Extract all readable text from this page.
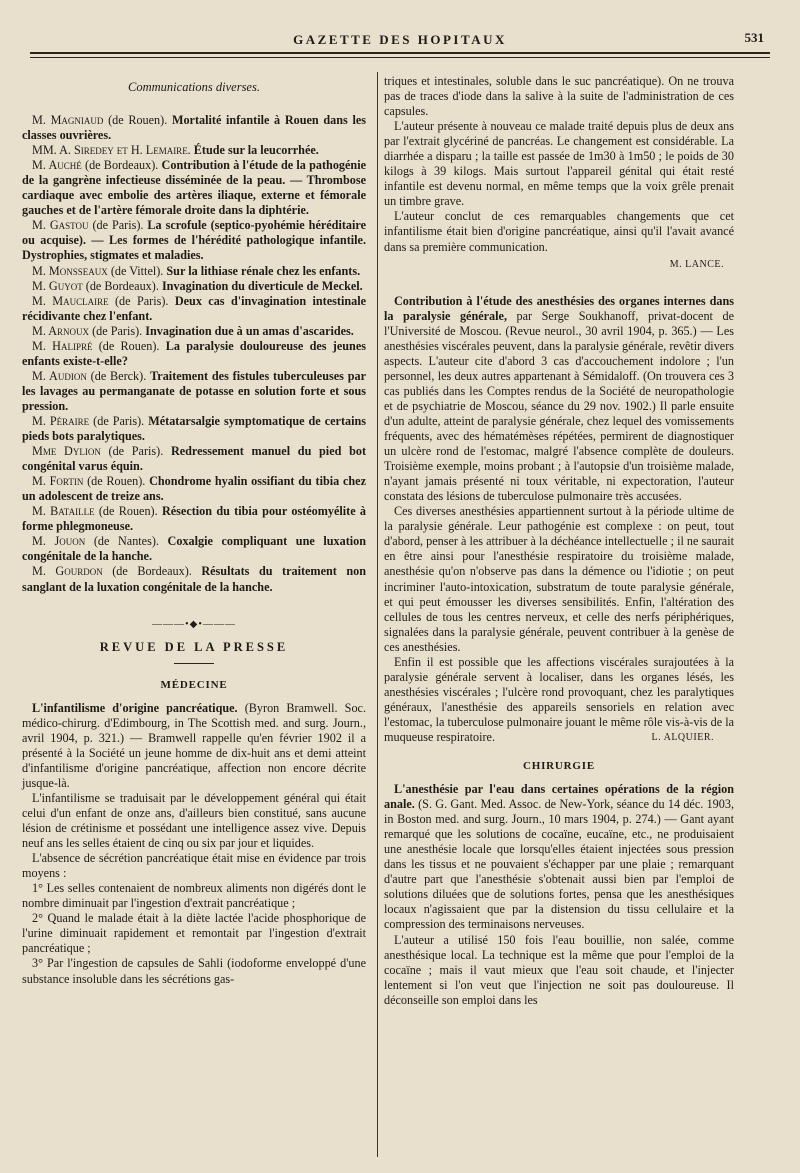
GAZETTE DES HOPITAUX	531
Communications diverses.

M. Magniaud (de Rouen). Mortalité infantile à Rouen dans les classes ouvrières.

MM. A. Siredey et H. Lemaire. Étude sur la leucorrhée.

M. Auché (de Bordeaux). Contribution à l'étude de la pathogénie de la gangrène infectieuse disséminée de la peau. — Thrombose cardiaque avec embolie des artères iliaque, externe et fémorale gauches et de l'artère fémorale droite dans la diphtérie.

M. Gastou (de Paris). La scrofule (septico-pyohémie héréditaire ou acquise). — Les formes de l'hérédité pathologique infantile. Dystrophies, stigmates et maladies.

M. Monsseaux (de Vittel). Sur la lithiase rénale chez les enfants.

M. Guyot (de Bordeaux). Invagination du diverticule de Meckel.

M. Mauclaire (de Paris). Deux cas d'invagination intestinale récidivante chez l'enfant.

M. Arnoux (de Paris). Invagination due à un amas d'ascarides.

M. Halipré (de Rouen). La paralysie douloureuse des jeunes enfants existe-t-elle?

M. Audion (de Berck). Traitement des fistules tuberculeuses par les lavages au permanganate de potasse en solution forte et sous pression.

M. Péraire (de Paris). Métatarsalgie symptomatique de certains pieds bots paralytiques.

Mme Dylion (de Paris). Redressement manuel du pied bot congénital varus équin.

M. Fortin (de Rouen). Chondrome hyalin ossifiant du tibia chez un adolescent de treize ans.

M. Bataille (de Rouen). Résection du tibia pour ostéomyélite à forme phlegmoneuse.

M. Jouon (de Nantes). Coxalgie compliquant une luxation congénitale de la hanche.

M. Gourdon (de Bordeaux). Résultats du traitement non sanglant de la luxation congénitale de la hanche.

———•◆•———
REVUE DE LA PRESSE
MÉDECINE

L'infantilisme d'origine pancréatique. (Byron Bramwell. Soc. médico-chirurg. d'Edimbourg, in The Scottish med. and surg. Journ., avril 1904, p. 321.) — Bramwell rappelle qu'en février 1902 il a présenté à la Société un jeune homme de dix-huit ans et demi atteint d'infantilisme d'origine pancréatique, affection non encore décrite jusque-là.

L'infantilisme se traduisait par le développement général qui était celui d'un enfant de onze ans, d'ailleurs bien constitué, sans aucune lésion de crétinisme et possédant une intelligence assez vive. Depuis neuf ans les selles étaient de cinq ou six par jour et liquides.

L'absence de sécrétion pancréatique était mise en évidence par trois moyens :

1° Les selles contenaient de nombreux aliments non digérés dont le nombre diminuait par l'ingestion d'extrait pancréatique ;

2° Quand le malade était à la diète lactée l'acide phosphorique de l'urine diminuait rapidement et remontait par l'ingestion d'extrait pancréatique ;

3° Par l'ingestion de capsules de Sahli (iodoforme enveloppé d'une substance insoluble dans les sécrétions gas-

triques et intestinales, soluble dans le suc pancréatique). On ne trouva pas de traces d'iode dans la salive à la suite de l'administration de ces capsules.

L'auteur présente à nouveau ce malade traité depuis plus de deux ans par l'extrait glycériné de pancréas. Le changement est considérable. La diarrhée a disparu ; la taille est passée de 1m30 à 1m50 ; le poids de 30 kilogs à 39 kilogs. Mais surtout l'appareil génital qui était resté infantile est devenu normal, en même temps que la voix grêle prenait un timbre grave.

L'auteur conclut de ces remarquables changements que cet infantilisme était bien d'origine pancréatique, ainsi qu'il l'avait avancé dans sa première communication.

M. LANCE.

Contribution à l'étude des anesthésies des organes internes dans la paralysie générale, par Serge Soukhanoff, privat-docent de l'Université de Moscou. (Revue neurol., 30 avril 1904, p. 365.) — Les anesthésies viscérales peuvent, dans la paralysie générale, revêtir divers aspects. L'auteur cite d'abord 3 cas d'accouchement indolore ; l'un personnel, les deux autres appartenant à Sémidaloff. (On trouvera ces 3 cas publiés dans les Comptes rendus de la Société de neuropathologie et de psychiatrie de Moscou, séance du 29 nov. 1902.) Il parle ensuite d'un adulte, atteint de paralysie générale, chez lequel des vomissements fréquents, avec des hématémèses répétées, permirent de diagnostiquer un ulcère rond de l'estomac, malgré l'absence complète de douleurs. Troisième exemple, moins probant ; à l'autopsie d'un troisième malade, n'ayant jamais présenté ni toux véritable, ni expectoration, l'auteur constata des lésions de tuberculose pulmonaire très accusées.

Ces diverses anesthésies appartiennent surtout à la période ultime de la paralysie générale. Leur pathogénie est complexe : on peut, tout d'abord, penser à les attribuer à la déchéance intellectuelle ; il ne saurait en être ainsi pour l'anesthésie respiratoire du troisième malade, anesthésie qu'on n'observe pas dans la démence ou l'idiotie ; on peut incriminer l'auto-intoxication, substratum de toute paralysie générale, et qui peut émousser les diverses sensibilités. Enfin, l'altération des cellules de tous les centres nerveux, et celle des nerfs périphériques, signalées dans la paralysie générale, peuvent contribuer à la genèse de ces anesthésies.

Enfin il est possible que les affections viscérales surajoutées à la paralysie générale servent à localiser, dans les organes lésés, les anesthésies viscérales ; l'ulcère rond provoquant, chez les paralytiques généraux, l'anesthésie des appareils sensoriels en relation avec l'estomac, la tuberculose pulmonaire jouant le même rôle vis-à-vis de la muqueuse respiratoire.	L. ALQUIER.

CHIRURGIE

L'anesthésie par l'eau dans certaines opérations de la région anale. (S. G. Gant. Med. Assoc. de New-York, séance du 14 déc. 1903, in Boston med. and surg. Journ., 10 mars 1904, p. 274.) — Gant ayant remarqué que les solutions de cocaïne, eucaïne, etc., ne produisaient une anesthésie locale que lorsqu'elles étaient injectées sous pression dans les tissus et ne pouvaient s'échapper par une plaie ; remarquant d'autre part que l'anesthésie s'obtenait aussi bien par l'emploi de solutions diluées que de solutions fortes, pensa que les anesthésiques locaux n'agissaient que par la distension du tissu cellulaire et la compression des terminaisons nerveuses.

L'auteur a utilisé 150 fois l'eau bouillie, non salée, comme anesthésique local. La technique est la même que pour l'emploi de la cocaïne ; mais il vaut mieux que l'eau soit chaude, et l'injecter lentement si l'on veut que l'injection ne soit pas douloureuse. Il déconseille son emploi dans les
